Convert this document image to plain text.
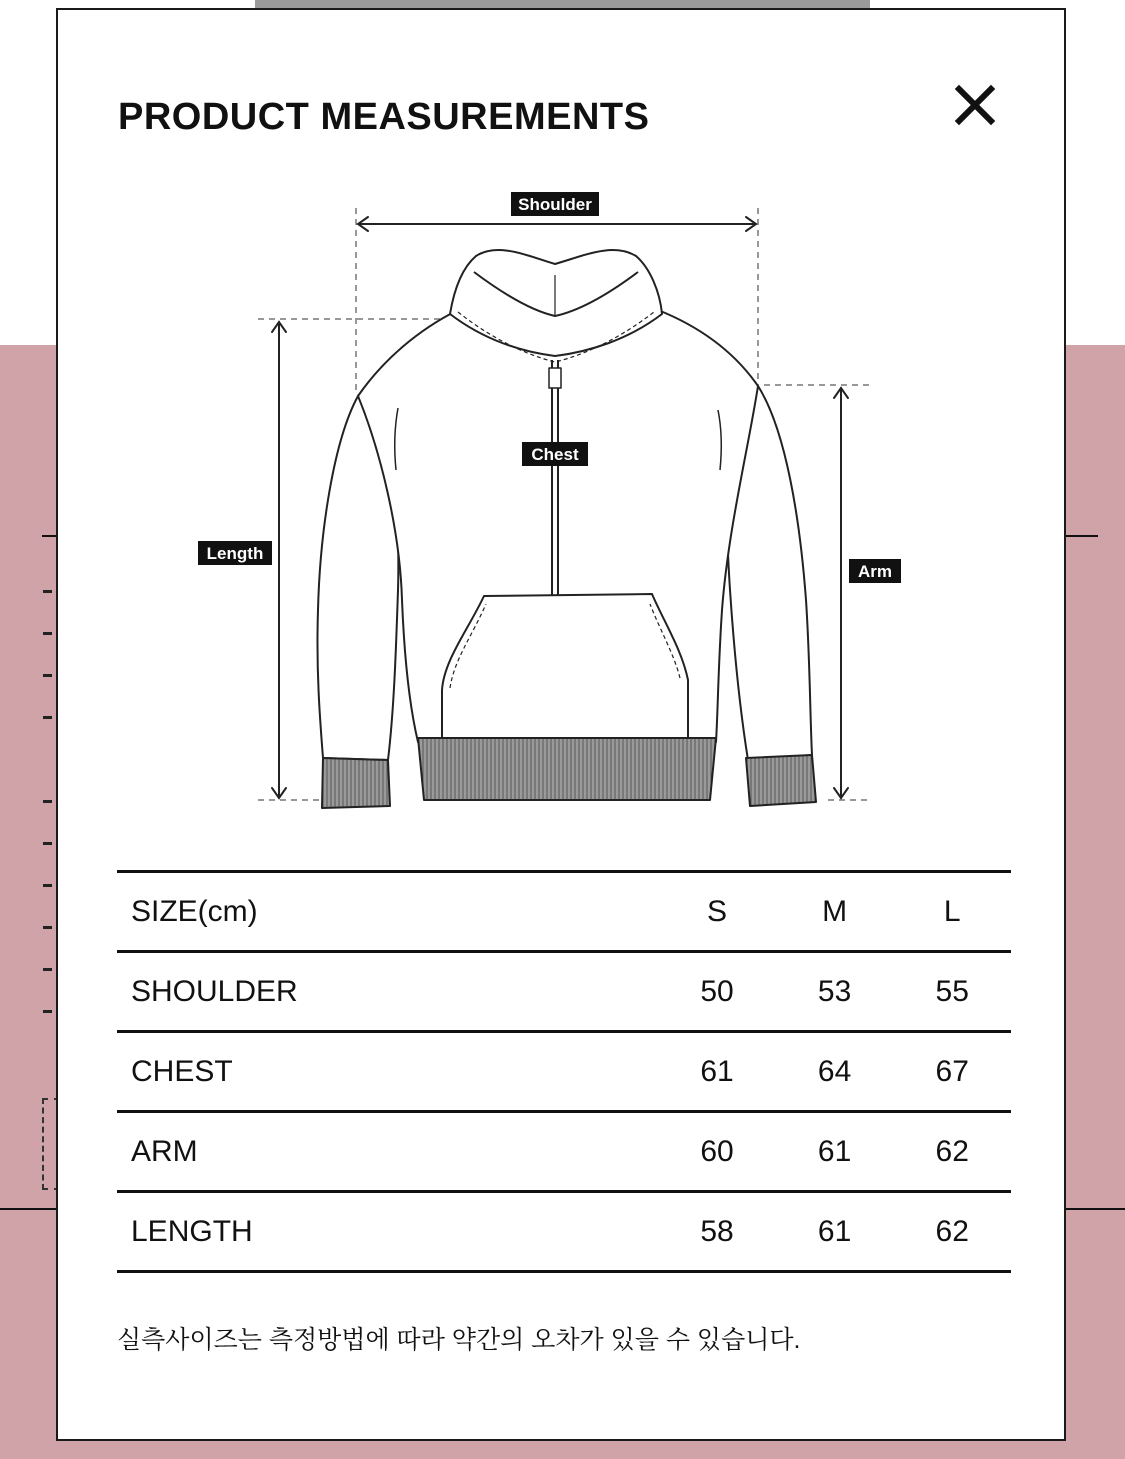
PRODUCT MEASUREMENTS
Shoulder
Chest
Length
Arm
SIZE(cm)	S	M	L
SHOULDER	50	53	55
CHEST	61	64	67
ARM	60	61	62
LENGTH	58	61	62
실측사이즈는 측정방법에 따라 약간의 오차가 있을 수 있습니다.
